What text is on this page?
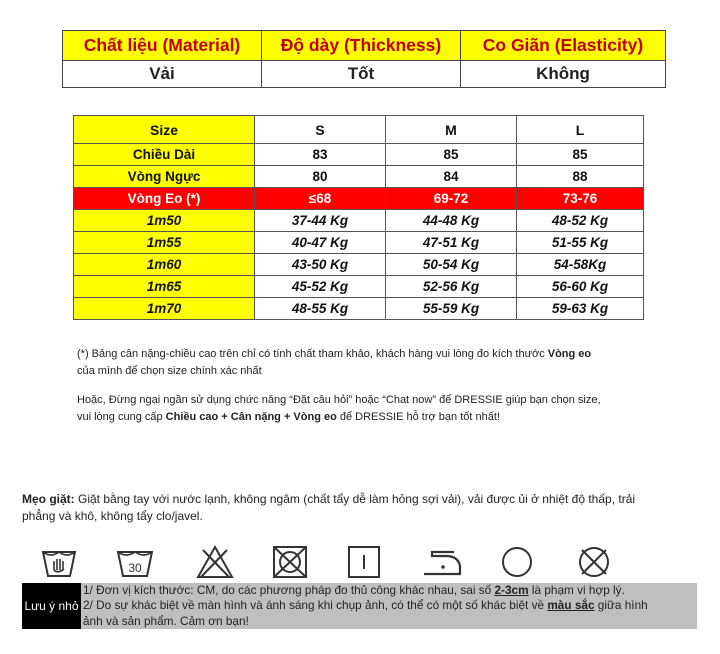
Chất liệu (Material)	Độ dày (Thickness)	Co Giãn (Elasticity)
Vải	Tốt	Không
Size	S	M	L
Chiều Dài	83	85	85
Vòng Ngực	80	84	88
Vòng Eo (*)	≤68	69-72	73-76
1m50	37-44 Kg	44-48 Kg	48-52 Kg
1m55	40-47 Kg	47-51 Kg	51-55 Kg
1m60	43-50 Kg	50-54 Kg	54-58Kg
1m65	45-52 Kg	52-56 Kg	56-60 Kg
1m70	48-55 Kg	55-59 Kg	59-63 Kg
(*) Bảng cân nặng-chiều cao trên chỉ có tính chất tham khảo, khách hàng vui lòng đo kích thước Vòng eo
của mình để chọn size chính xác nhất
Hoặc, Đừng ngại ngần sử dụng chức năng “Đặt câu hỏi” hoặc “Chat now” để DRESSIE giúp bạn chọn size,
vui lòng cung cấp Chiều cao + Cân nặng + Vòng eo để DRESSIE hỗ trợ bạn tốt nhất!
Mẹo giặt: Giặt bằng tay với nước lạnh, không ngâm (chất tẩy dễ làm hỏng sợi vải), vải được ủi ở nhiệt độ thấp, trải
phẳng và khô, không tẩy clo/javel.
30
Lưu ý nhỏ
1/ Đơn vị kích thước: CM, do các phương pháp đo thủ công khác nhau, sai số 2-3cm là phạm vi hợp lý.
2/ Do sự khác biệt về màn hình và ánh sáng khi chụp ảnh, có thể có một số khác biệt về màu sắc giữa hình
ảnh và sản phẩm. Cảm ơn bạn!
